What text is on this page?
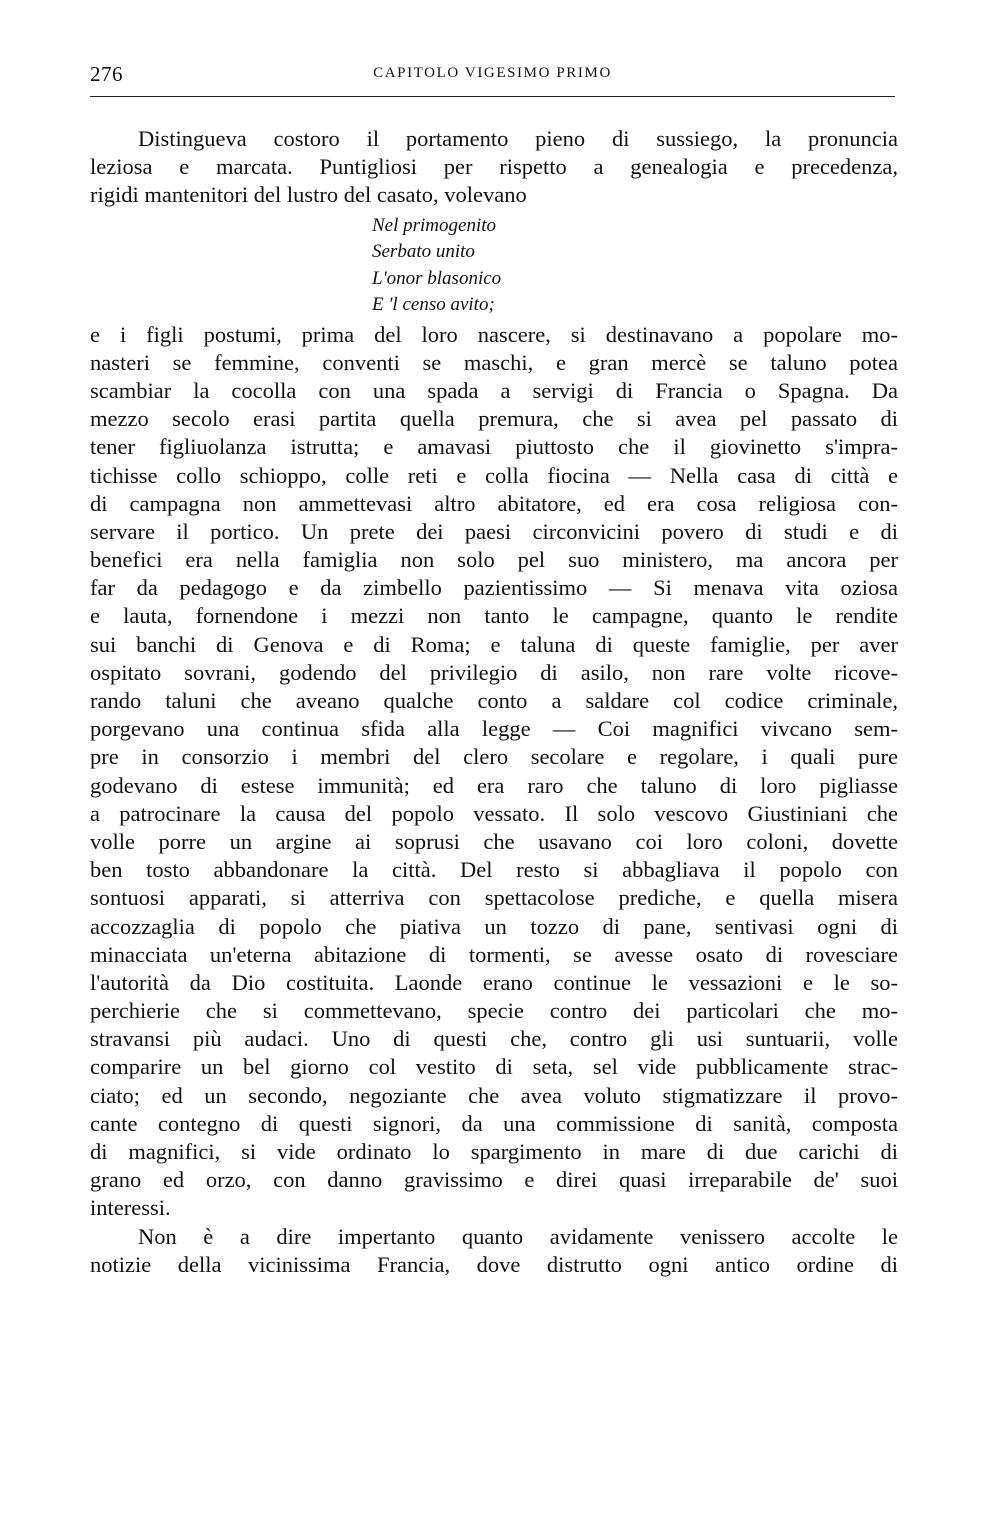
276	CAPITOLO VIGESIMO PRIMO
Distingueva costoro il portamento pieno di sussiego, la pronuncia
leziosa e marcata. Puntigliosi per rispetto a genealogia e precedenza,
rigidi mantenitori del lustro del casato, volevano
Nel primogenito
Serbato unito
L'onor blasonico
E 'l censo avito;
e i figli postumi, prima del loro nascere, si destinavano a popolare mo-
nasteri se femmine, conventi se maschi, e gran mercè se taluno potea
scambiar la cocolla con una spada a servigi di Francia o Spagna. Da
mezzo secolo erasi partita quella premura, che si avea pel passato di
tener figliuolanza istrutta; e amavasi piuttosto che il giovinetto s'impra-
tichisse collo schioppo, colle reti e colla fiocina — Nella casa di città e
di campagna non ammettevasi altro abitatore, ed era cosa religiosa con-
servare il portico. Un prete dei paesi circonvicini povero di studi e di
benefici era nella famiglia non solo pel suo ministero, ma ancora per
far da pedagogo e da zimbello pazientissimo — Si menava vita oziosa
e lauta, fornendone i mezzi non tanto le campagne, quanto le rendite
sui banchi di Genova e di Roma; e taluna di queste famiglie, per aver
ospitato sovrani, godendo del privilegio di asilo, non rare volte ricove-
rando taluni che aveano qualche conto a saldare col codice criminale,
porgevano una continua sfida alla legge — Coi magnifici vivcano sem-
pre in consorzio i membri del clero secolare e regolare, i quali pure
godevano di estese immunità; ed era raro che taluno di loro pigliasse
a patrocinare la causa del popolo vessato. Il solo vescovo Giustiniani che
volle porre un argine ai soprusi che usavano coi loro coloni, dovette
ben tosto abbandonare la città. Del resto si abbagliava il popolo con
sontuosi apparati, si atterriva con spettacolose prediche, e quella misera
accozzaglia di popolo che piativa un tozzo di pane, sentivasi ogni di
minacciata un'eterna abitazione di tormenti, se avesse osato di rovesciare
l'autorità da Dio costituita. Laonde erano continue le vessazioni e le so-
perchierie che si commettevano, specie contro dei particolari che mo-
stravansi più audaci. Uno di questi che, contro gli usi suntuarii, volle
comparire un bel giorno col vestito di seta, sel vide pubblicamente strac-
ciato; ed un secondo, negoziante che avea voluto stigmatizzare il provo-
cante contegno di questi signori, da una commissione di sanità, composta
di magnifici, si vide ordinato lo spargimento in mare di due carichi di
grano ed orzo, con danno gravissimo e direi quasi irreparabile de' suoi
interessi.
Non è a dire impertanto quanto avidamente venissero accolte le
notizie della vicinissima Francia, dove distrutto ogni antico ordine di
